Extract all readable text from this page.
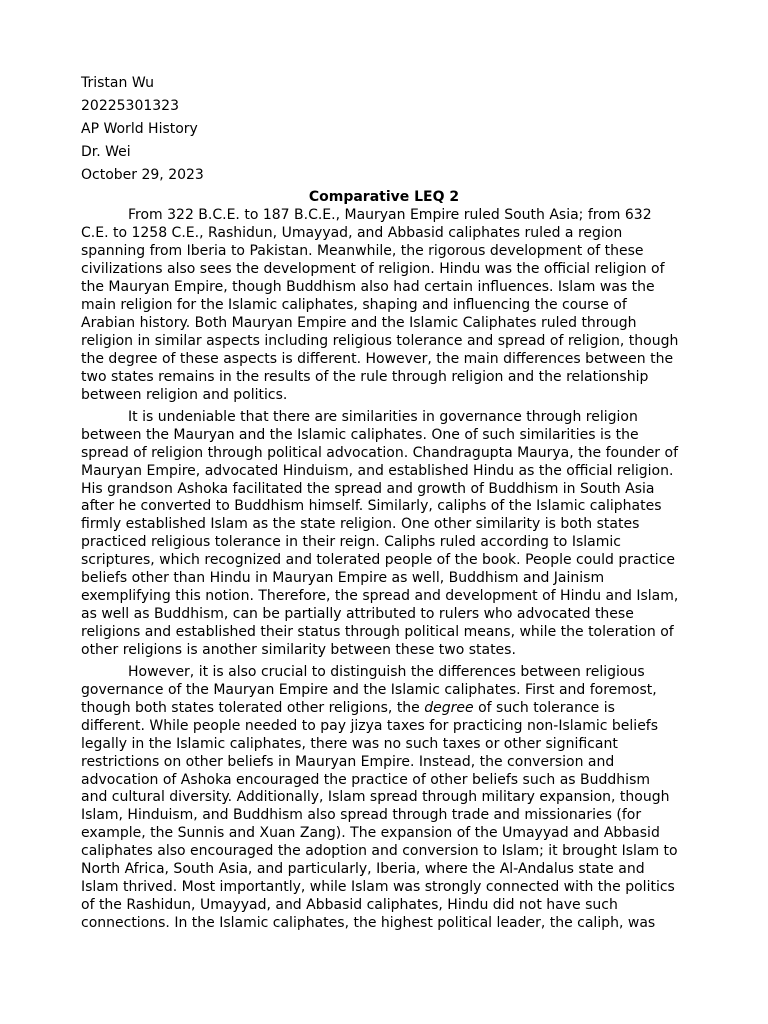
Tristan Wu
20225301323
AP World History
Dr. Wei
October 29, 2023
Comparative LEQ 2
From 322 B.C.E. to 187 B.C.E., Mauryan Empire ruled South Asia; from 632
C.E. to 1258 C.E., Rashidun, Umayyad, and Abbasid caliphates ruled a region
spanning from Iberia to Pakistan. Meanwhile, the rigorous development of these
civilizations also sees the development of religion. Hindu was the official religion of
the Mauryan Empire, though Buddhism also had certain influences. Islam was the
main religion for the Islamic caliphates, shaping and influencing the course of
Arabian history. Both Mauryan Empire and the Islamic Caliphates ruled through
religion in similar aspects including religious tolerance and spread of religion, though
the degree of these aspects is different. However, the main differences between the
two states remains in the results of the rule through religion and the relationship
between religion and politics.
It is undeniable that there are similarities in governance through religion
between the Mauryan and the Islamic caliphates. One of such similarities is the
spread of religion through political advocation. Chandragupta Maurya, the founder of
Mauryan Empire, advocated Hinduism, and established Hindu as the official religion.
His grandson Ashoka facilitated the spread and growth of Buddhism in South Asia
after he converted to Buddhism himself. Similarly, caliphs of the Islamic caliphates
firmly established Islam as the state religion. One other similarity is both states
practiced religious tolerance in their reign. Caliphs ruled according to Islamic
scriptures, which recognized and tolerated people of the book. People could practice
beliefs other than Hindu in Mauryan Empire as well, Buddhism and Jainism
exemplifying this notion. Therefore, the spread and development of Hindu and Islam,
as well as Buddhism, can be partially attributed to rulers who advocated these
religions and established their status through political means, while the toleration of
other religions is another similarity between these two states.
However, it is also crucial to distinguish the differences between religious
governance of the Mauryan Empire and the Islamic caliphates. First and foremost,
though both states tolerated other religions, the degree of such tolerance is
different. While people needed to pay jizya taxes for practicing non-Islamic beliefs
legally in the Islamic caliphates, there was no such taxes or other significant
restrictions on other beliefs in Mauryan Empire. Instead, the conversion and
advocation of Ashoka encouraged the practice of other beliefs such as Buddhism
and cultural diversity. Additionally, Islam spread through military expansion, though
Islam, Hinduism, and Buddhism also spread through trade and missionaries (for
example, the Sunnis and Xuan Zang). The expansion of the Umayyad and Abbasid
caliphates also encouraged the adoption and conversion to Islam; it brought Islam to
North Africa, South Asia, and particularly, Iberia, where the Al-Andalus state and
Islam thrived. Most importantly, while Islam was strongly connected with the politics
of the Rashidun, Umayyad, and Abbasid caliphates, Hindu did not have such
connections. In the Islamic caliphates, the highest political leader, the caliph, was
